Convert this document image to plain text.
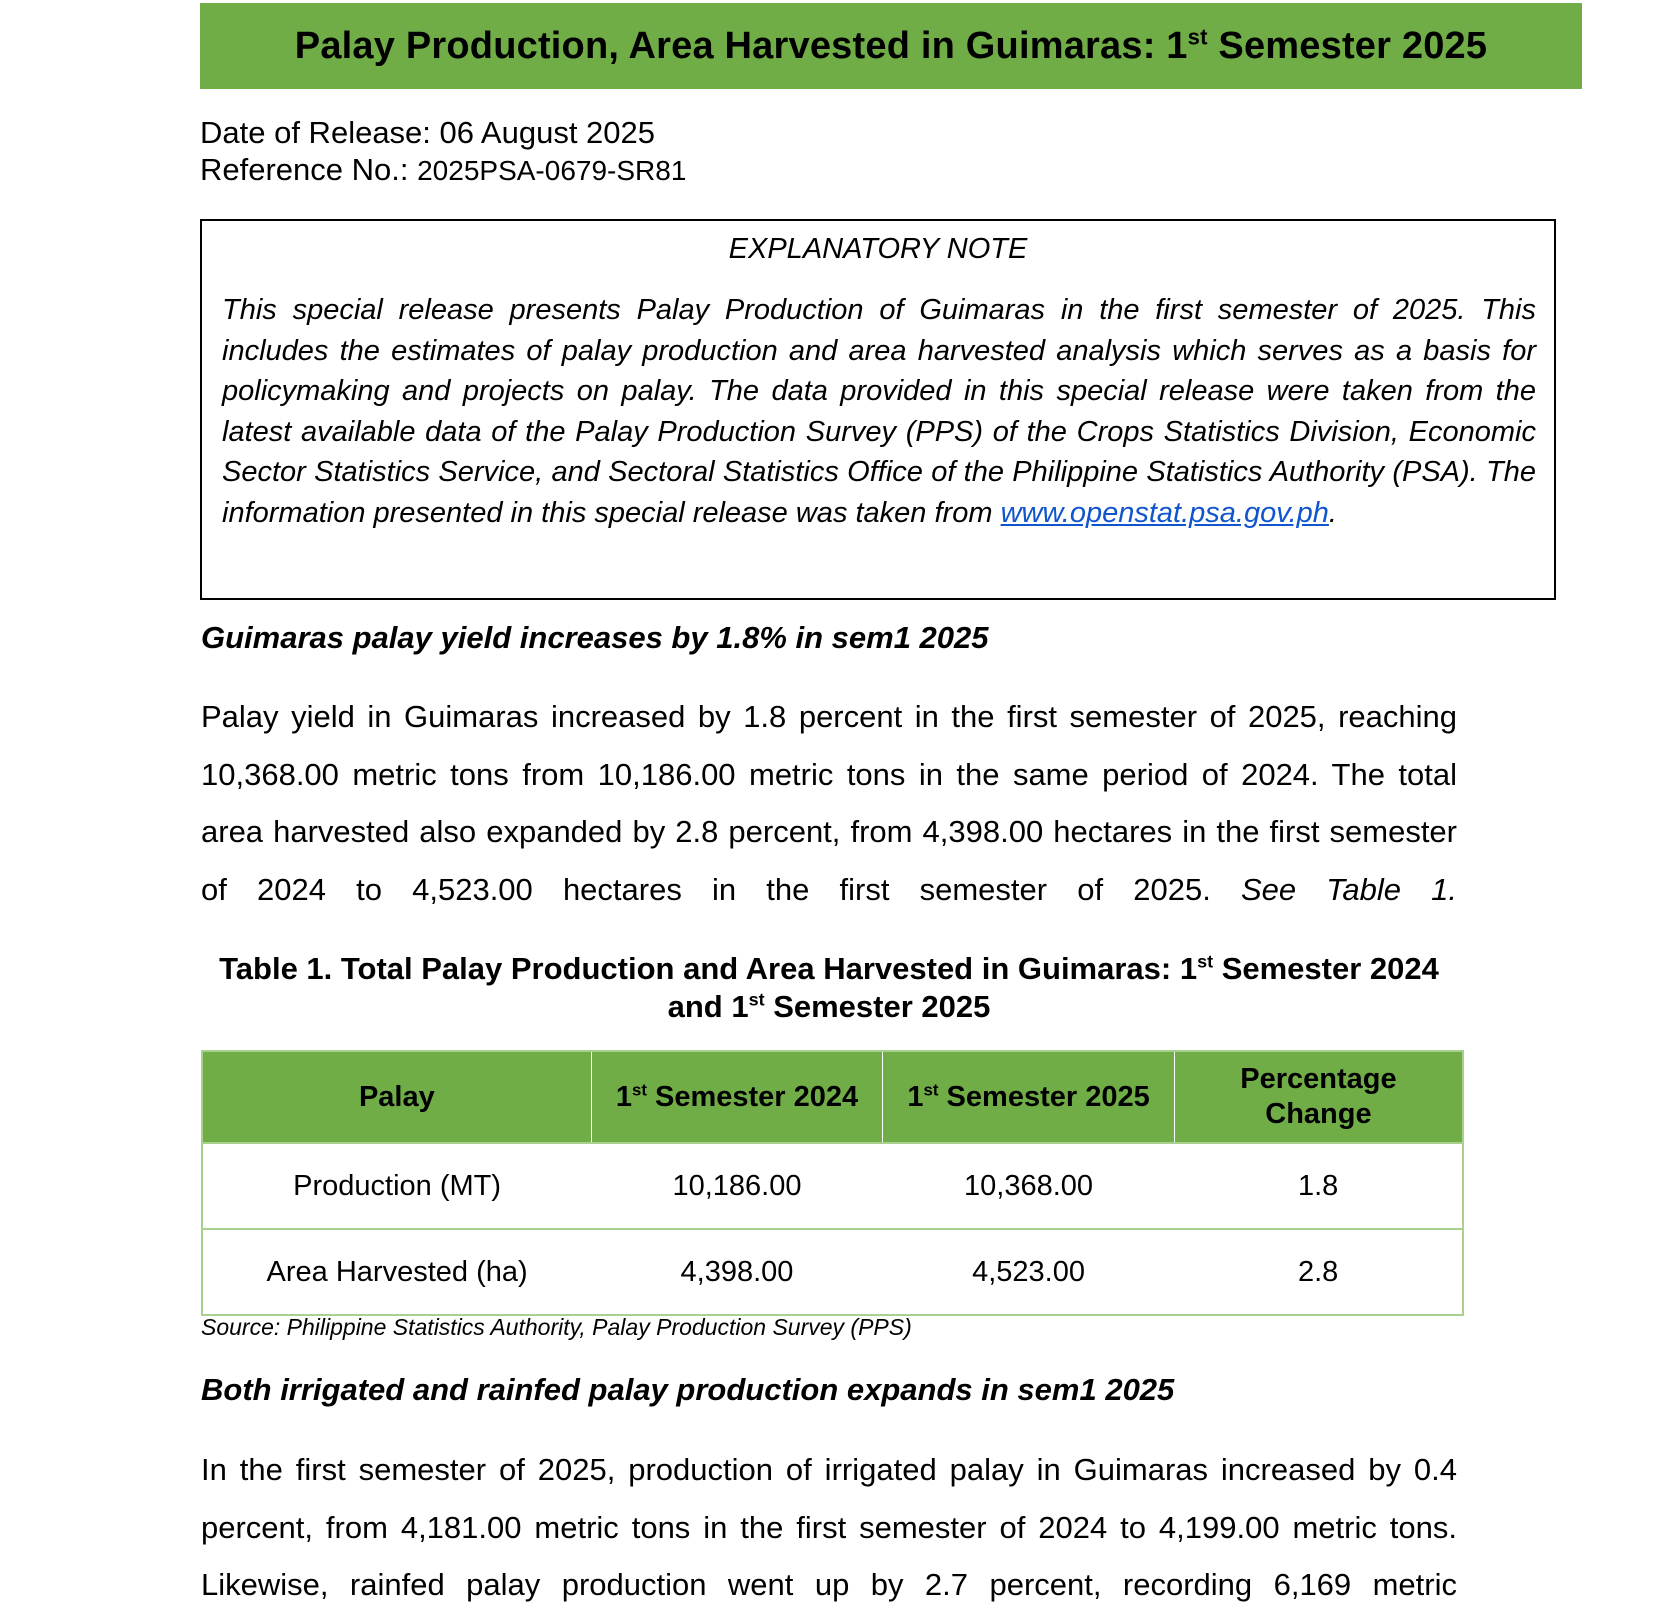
Palay Production, Area Harvested in Guimaras: 1st Semester 2025
Date of Release: 06 August 2025
Reference No.: 2025PSA-0679-SR81
EXPLANATORY NOTE

This special release presents Palay Production of Guimaras in the first semester of 2025. This includes the estimates of palay production and area harvested analysis which serves as a basis for policymaking and projects on palay. The data provided in this special release were taken from the latest available data of the Palay Production Survey (PPS) of the Crops Statistics Division, Economic Sector Statistics Service, and Sectoral Statistics Office of the Philippine Statistics Authority (PSA). The information presented in this special release was taken from www.openstat.psa.gov.ph.

Guimaras palay yield increases by 1.8% in sem1 2025

Palay yield in Guimaras increased by 1.8 percent in the first semester of 2025, reaching 10,368.00 metric tons from 10,186.00 metric tons in the same period of 2024. The total area harvested also expanded by 2.8 percent, from 4,398.00 hectares in the first semester of 2024 to 4,523.00 hectares in the first semester of 2025. See Table 1.

Table 1. Total Palay Production and Area Harvested in Guimaras: 1st Semester 2024 and 1st Semester 2025

Palay	1st Semester 2024	1st Semester 2025	Percentage Change
Production (MT)	10,186.00	10,368.00	1.8
Area Harvested (ha)	4,398.00	4,523.00	2.8
Source: Philippine Statistics Authority, Palay Production Survey (PPS)
Both irrigated and rainfed palay production expands in sem1 2025

In the first semester of 2025, production of irrigated palay in Guimaras increased by 0.4 percent, from 4,181.00 metric tons in the first semester of 2024 to 4,199.00 metric tons. Likewise, rainfed palay production went up by 2.7 percent, recording 6,169 metric
